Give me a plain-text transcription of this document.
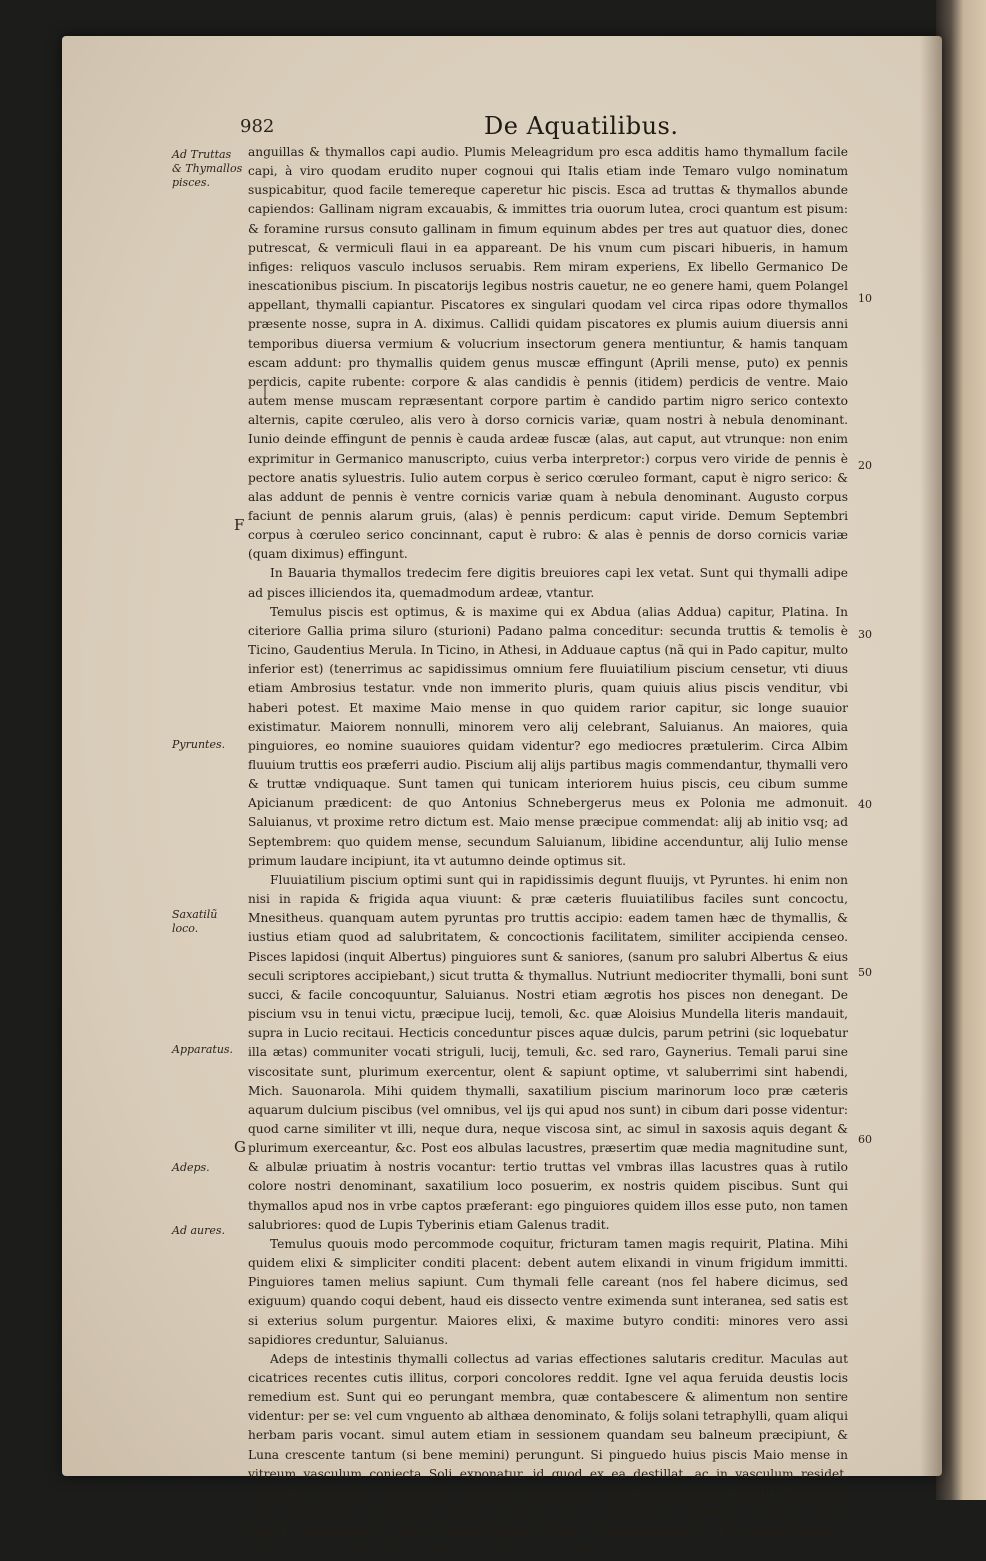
982	De Aquatilibus.
Ad Truttas & Thymallos pisces.
Pyruntes.
Saxatilũ loco.
Apparatus.
Adeps.
Ad aures.
F
G
10
20
30
40
50
60

anguillas & thymallos capi audio. Plumis Meleagridum pro esca additis hamo thymallum facile capi, à viro quodam erudito nuper cognoui qui Italis etiam inde Temaro vulgo nominatum suspicabitur, quod facile temereque caperetur hic piscis. Esca ad truttas & thymallos abunde capiendos: Gallinam nigram excauabis, & immittes tria ouorum lutea, croci quantum est pisum: & foramine rursus consuto gallinam in fimum equinum abdes per tres aut quatuor dies, donec putrescat, & vermiculi flaui in ea appareant. De his vnum cum piscari hibueris, in hamum infiges: reliquos vasculo inclusos seruabis. Rem miram experiens, Ex libello Germanico De inescationibus piscium. In piscatorijs legibus nostris cauetur, ne eo genere hami, quem Polangel appellant, thymalli capiantur. Piscatores ex singulari quodam vel circa ripas odore thymallos præsente nosse, supra in A. diximus. Callidi quidam piscatores ex plumis auium diuersis anni temporibus diuersa vermium & volucrium insectorum genera mentiuntur, & hamis tanquam escam addunt: pro thymallis quidem genus muscæ effingunt (Aprili mense, puto) ex pennis perdicis, capite rubente: corpore & alas candidis è pennis (itidem) perdicis de ventre. Maio autem mense muscam repræsentant corpore partim è candido partim nigro serico contexto alternis, capite cœruleo, alis vero à dorso cornicis variæ, quam nostri à nebula denominant. Iunio deinde effingunt de pennis è cauda ardeæ fuscæ (alas, aut caput, aut vtrunque: non enim exprimitur in Germanico manuscripto, cuius verba interpretor:) corpus vero viride de pennis è pectore anatis syluestris. Iulio autem corpus è serico cœruleo formant, caput è nigro serico: & alas addunt de pennis è ventre cornicis variæ quam à nebula denominant. Augusto corpus faciunt de pennis alarum gruis, (alas) è pennis perdicum: caput viride. Demum Septembri corpus à cœruleo serico concinnant, caput è rubro: & alas è pennis de dorso cornicis variæ (quam diximus) effingunt.

In Bauaria thymallos tredecim fere digitis breuiores capi lex vetat. Sunt qui thymalli adipe ad pisces illiciendos ita, quemadmodum ardeæ, vtantur.

Temulus piscis est optimus, & is maxime qui ex Abdua (alias Addua) capitur, Platina. In citeriore Gallia prima siluro (sturioni) Padano palma conceditur: secunda truttis & temolis è Ticino, Gaudentius Merula. In Ticino, in Athesi, in Adduaue captus (nã qui in Pado capitur, multo inferior est) (tenerrimus ac sapidissimus omnium fere fluuiatilium piscium censetur, vti diuus etiam Ambrosius testatur. vnde non immerito pluris, quam quiuis alius piscis venditur, vbi haberi potest. Et maxime Maio mense in quo quidem rarior capitur, sic longe suauior existimatur. Maiorem nonnulli, minorem vero alij celebrant, Saluianus. An maiores, quia pinguiores, eo nomine suauiores quidam videntur? ego mediocres prætulerim. Circa Albim fluuium truttis eos præferri audio. Piscium alij alijs partibus magis commendantur, thymalli vero & truttæ vndiquaque. Sunt tamen qui tunicam interiorem huius piscis, ceu cibum summe Apicianum prædicent: de quo Antonius Schnebergerus meus ex Polonia me admonuit. Saluianus, vt proxime retro dictum est. Maio mense præcipue commendat: alij ab initio vsq; ad Septembrem: quo quidem mense, secundum Saluianum, libidine accenduntur, alij Iulio mense primum laudare incipiunt, ita vt autumno deinde optimus sit.

Fluuiatilium piscium optimi sunt qui in rapidissimis degunt fluuijs, vt Pyruntes. hi enim non nisi in rapida & frigida aqua viuunt: & præ cæteris fluuiatilibus faciles sunt concoctu, Mnesitheus. quanquam autem pyruntas pro truttis accipio: eadem tamen hæc de thymallis, & iustius etiam quod ad salubritatem, & concoctionis facilitatem, similiter accipienda censeo. Pisces lapidosi (inquit Albertus) pinguiores sunt & saniores, (sanum pro salubri Albertus & eius seculi scriptores accipiebant,) sicut trutta & thymallus. Nutriunt mediocriter thymalli, boni sunt succi, & facile concoquuntur, Saluianus. Nostri etiam ægrotis hos pisces non denegant. De piscium vsu in tenui victu, præcipue lucij, temoli, &c. quæ Aloisius Mundella literis mandauit, supra in Lucio recitaui. Hecticis conceduntur pisces aquæ dulcis, parum petrini (sic loquebatur illa ætas) communiter vocati striguli, lucij, temuli, &c. sed raro, Gaynerius. Temali parui sine viscositate sunt, plurimum exercentur, olent & sapiunt optime, vt saluberrimi sint habendi, Mich. Sauonarola. Mihi quidem thymalli, saxatilium piscium marinorum loco præ cæteris aquarum dulcium piscibus (vel omnibus, vel ijs qui apud nos sunt) in cibum dari posse videntur: quod carne similiter vt illi, neque dura, neque viscosa sint, ac simul in saxosis aquis degant & plurimum exerceantur, &c. Post eos albulas lacustres, præsertim quæ media magnitudine sunt, & albulæ priuatim à nostris vocantur: tertio truttas vel vmbras illas lacustres quas à rutilo colore nostri denominant, saxatilium loco posuerim, ex nostris quidem piscibus. Sunt qui thymallos apud nos in vrbe captos præferant: ego pinguiores quidem illos esse puto, non tamen salubriores: quod de Lupis Tyberinis etiam Galenus tradit.

Temulus quouis modo percommode coquitur, fricturam tamen magis requirit, Platina. Mihi quidem elixi & simpliciter conditi placent: debent autem elixandi in vinum frigidum immitti. Pinguiores tamen melius sapiunt. Cum thymali felle careant (nos fel habere dicimus, sed exiguum) quando coqui debent, haud eis dissecto ventre eximenda sunt interanea, sed satis est si exterius solum purgentur. Maiores elixi, & maxime butyro conditi: minores vero assi sapidiores creduntur, Saluianus.

Adeps de intestinis thymalli collectus ad varias effectiones salutaris creditur. Maculas aut cicatrices recentes cutis illitus, corpori concolores reddit. Igne vel aqua feruida deustis locis remedium est. Sunt qui eo perungant membra, quæ contabescere & alimentum non sentire videntur: per se: vel cum vnguento ab althæa denominato, & folijs solani tetraphylli, quam aliqui herbam paris vocant. simul autem etiam in sessionem quandam seu balneum præcipiunt, & Luna crescente tantum (si bene memini) perungunt. Si pinguedo huius piscis Maio mense in vitreum vasculum coniecta Soli exponatur, id quod ex ea destillat, ac in vasculum residet, vulneribus salutare existimatur: auribusque instillatum, grauitatem auditus discutit, Saluianus. Multi piscatores Ticini acolæ adipem thymalli auribus salutarem conditum seruant, Gillius. Nuper amicus quidam ad me scripsit his fere verbis: Narrant piscatores ad Lemanum lacum, è senibus se audiuisse, sanguinem huius piscis si in aures
